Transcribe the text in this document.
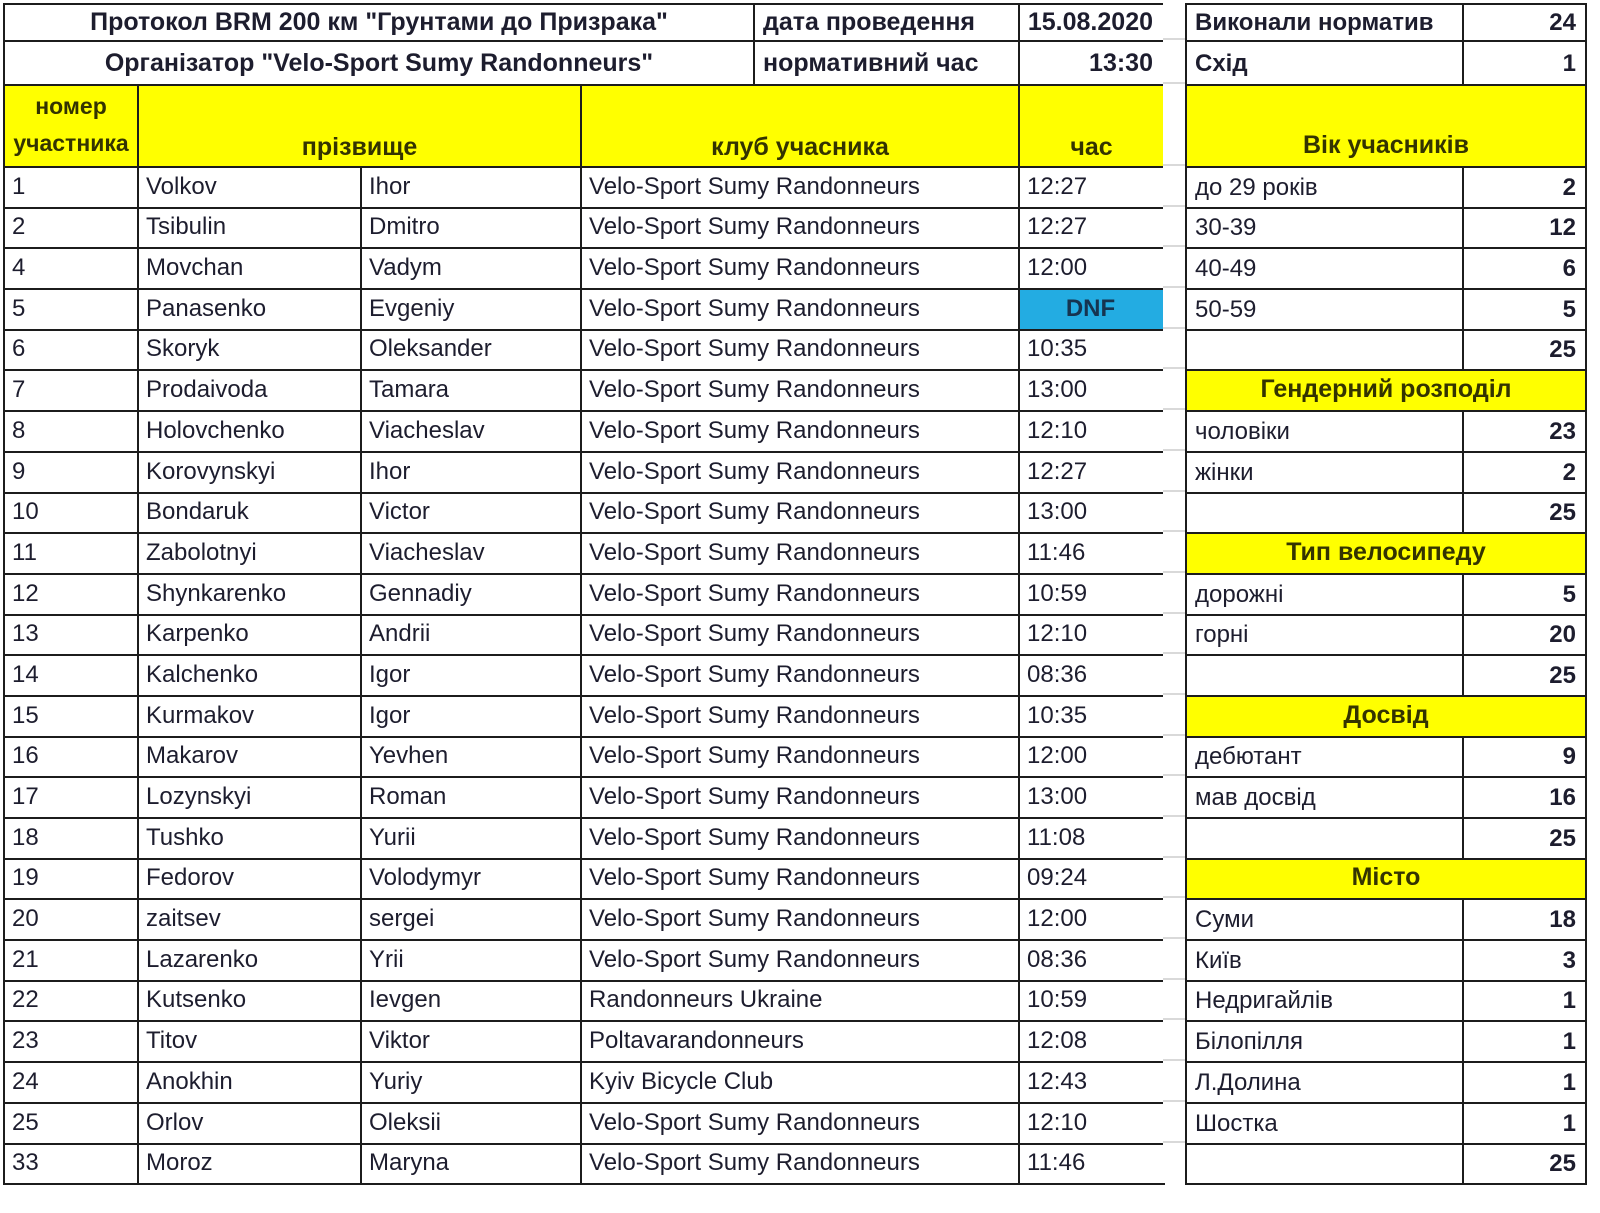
Протокол BRM 200 км "Грунтами до Призрака"	дата проведення	15.08.2020
Організатор "Velo-Sport Sumy Randonneurs"	нормативний час	13:30
номер участника	прізвище		клуб учасника	час
1	Volkov	Ihor	Velo-Sport Sumy Randonneurs	12:27
2	Tsibulin	Dmitro	Velo-Sport Sumy Randonneurs	12:27
4	Movchan	Vadym	Velo-Sport Sumy Randonneurs	12:00
5	Panasenko	Evgeniy	Velo-Sport Sumy Randonneurs	DNF
6	Skoryk	Oleksander	Velo-Sport Sumy Randonneurs	10:35
7	Prodaivoda	Tamara	Velo-Sport Sumy Randonneurs	13:00
8	Holovchenko	Viacheslav	Velo-Sport Sumy Randonneurs	12:10
9	Korovynskyi	Ihor	Velo-Sport Sumy Randonneurs	12:27
10	Bondaruk	Victor	Velo-Sport Sumy Randonneurs	13:00
11	Zabolotnyi	Viacheslav	Velo-Sport Sumy Randonneurs	11:46
12	Shynkarenko	Gennadiy	Velo-Sport Sumy Randonneurs	10:59
13	Karpenko	Andrii	Velo-Sport Sumy Randonneurs	12:10
14	Kalchenko	Igor	Velo-Sport Sumy Randonneurs	08:36
15	Kurmakov	Igor	Velo-Sport Sumy Randonneurs	10:35
16	Makarov	Yevhen	Velo-Sport Sumy Randonneurs	12:00
17	Lozynskyi	Roman	Velo-Sport Sumy Randonneurs	13:00
18	Tushko	Yurii	Velo-Sport Sumy Randonneurs	11:08
19	Fedorov	Volodymyr	Velo-Sport Sumy Randonneurs	09:24
20	zaitsev	sergei	Velo-Sport Sumy Randonneurs	12:00
21	Lazarenko	Yrii	Velo-Sport Sumy Randonneurs	08:36
22	Kutsenko	Ievgen	Randonneurs Ukraine	10:59
23	Titov	Viktor	Poltavarandonneurs	12:08
24	Anokhin	Yuriy	Kyiv Bicycle Club	12:43
25	Orlov	Oleksii	Velo-Sport Sumy Randonneurs	12:10
33	Moroz	Maryna	Velo-Sport Sumy Randonneurs	11:46
Виконали норматив	24
Схід	1
Вік учасників	
до 29 років	2
30-39	12
40-49	6
50-59	5
	25
Гендерний розподіл	
чоловіки	23
жінки	2
	25
Тип велосипеду	
дорожні	5
горні	20
	25
Досвід	
дебютант	9
мав досвід	16
	25
Місто	
Суми	18
Київ	3
Недригайлів	1
Білопілля	1
Л.Долина	1
Шостка	1
	25
